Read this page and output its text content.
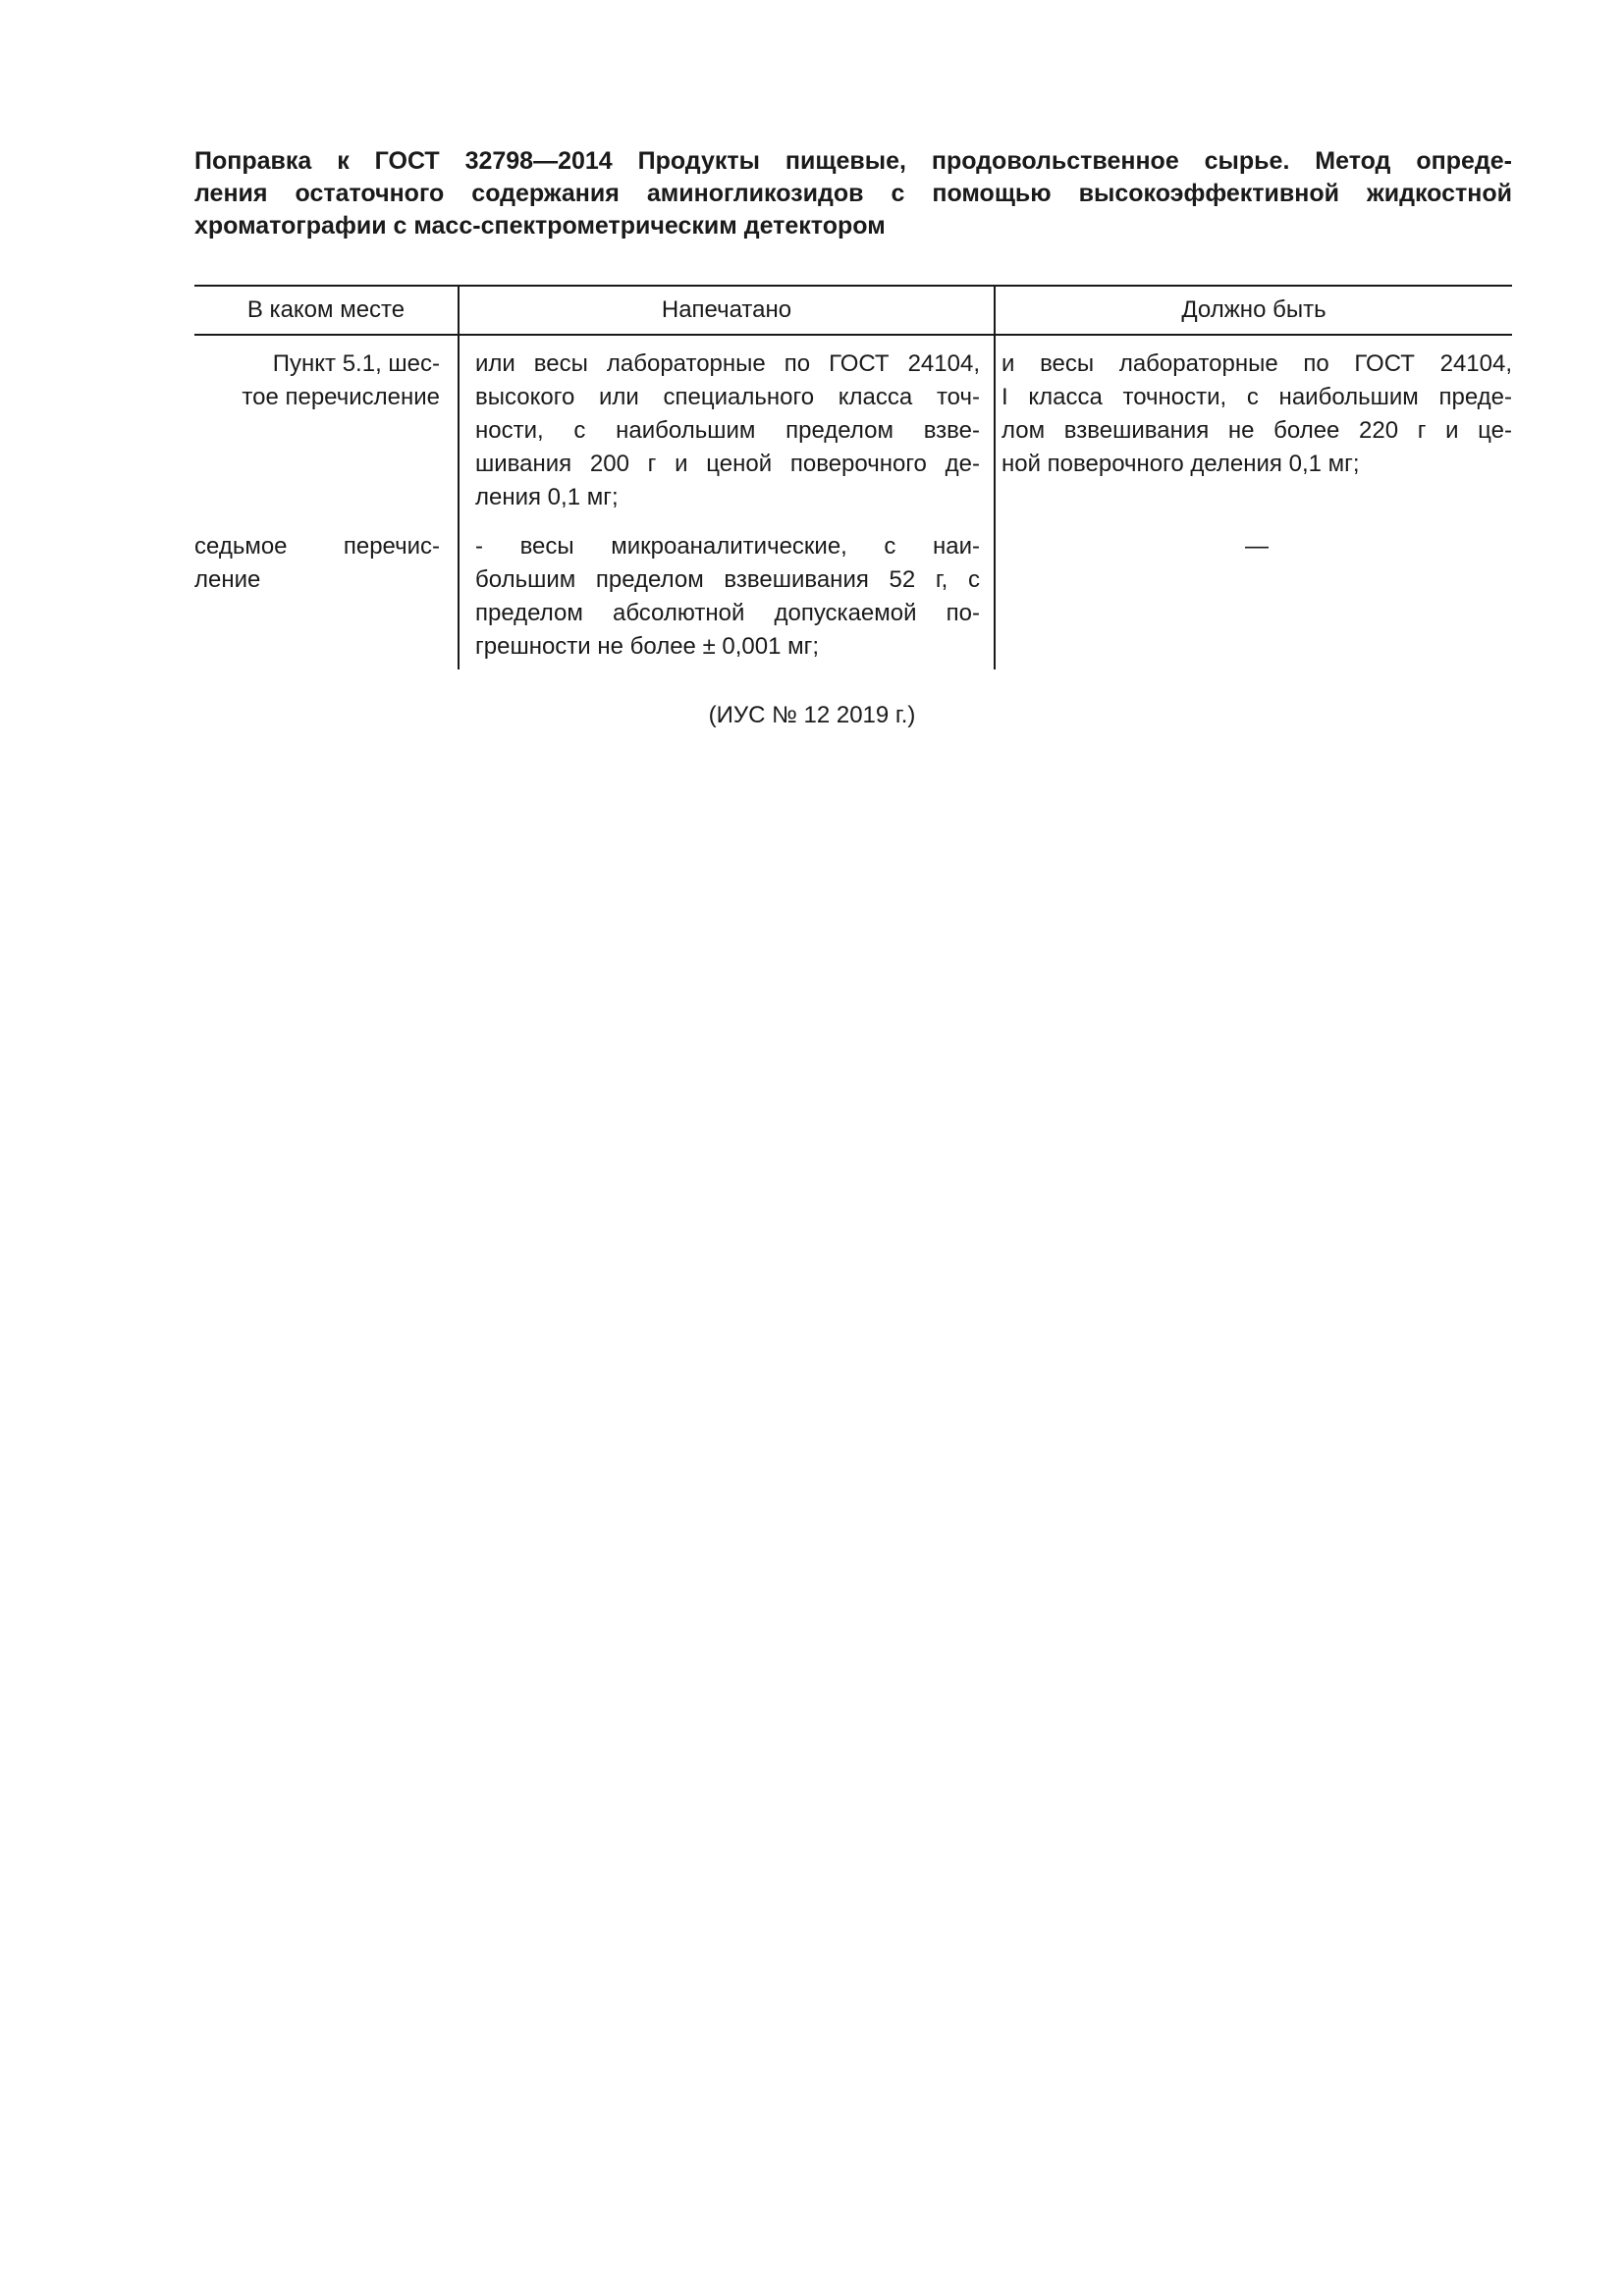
Поправка к ГОСТ 32798—2014 Продукты пищевые, продовольственное сырье. Метод опреде-
ления остаточного содержания аминогликозидов с помощью высокоэффективной жидкостной
хроматографии с масс-спектрометрическим детектором
В каком месте	Напечатано	Должно быть

Пункт 5.1, шес-
тое перечисление	или весы лабораторные по ГОСТ 24104,
высокого или специального класса точ-
ности, с наибольшим пределом взве-
шивания 200 г и ценой поверочного де-
ления 0,1 мг;	и весы лабораторные по ГОСТ 24104,
I класса точности, с наибольшим преде-
лом взвешивания не более 220 г и це-
ной поверочного деления 0,1 мг;

седьмое перечис-
ление	- весы микроаналитические, с наи-
большим пределом взвешивания 52 г, с
пределом абсолютной допускаемой по-
грешности не более ± 0,001 мг;	—
(ИУС № 12 2019 г.)
